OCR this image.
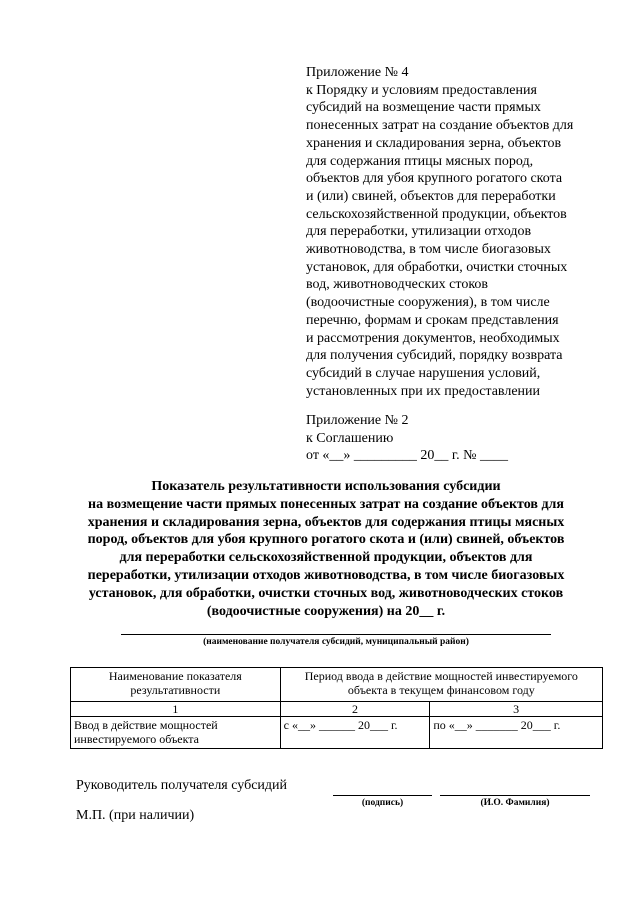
Приложение № 4
к Порядку и условиям предоставления
субсидий на возмещение части прямых
понесенных затрат на создание объектов для
хранения и складирования зерна, объектов
для содержания птицы мясных пород,
объектов для убоя крупного рогатого скота
и (или) свиней, объектов для переработки
сельскохозяйственной продукции, объектов
для переработки, утилизации отходов
животноводства, в том числе биогазовых
установок, для обработки, очистки сточных
вод, животноводческих стоков
(водоочистные сооружения), в том числе
перечню, формам и срокам представления
и рассмотрения документов, необходимых
для получения субсидий, порядку возврата
субсидий в случае нарушения условий,
установленных при их предоставлении
Приложение № 2
к Соглашению
от «__» _________ 20__ г. № ____
Показатель результативности использования субсидии
на возмещение части прямых понесенных затрат на создание объектов для
хранения и складирования зерна, объектов для содержания птицы мясных
пород, объектов для убоя крупного рогатого скота и (или) свиней, объектов
для переработки сельскохозяйственной продукции, объектов для
переработки, утилизации отходов животноводства, в том числе биогазовых
установок, для обработки, очистки сточных вод, животноводческих стоков
(водоочистные сооружения) на 20__ г.
(наименование получателя субсидий, муниципальный район)
Наименование показателя результативности	Период ввода в действие мощностей инвестируемого объекта в текущем финансовом году	
1	2	3
Ввод в действие мощностей инвестируемого объекта	с «__» ______ 20___ г.	по «__» _______ 20___ г.
Руководитель получателя субсидий
(подпись)	(И.О. Фамилия)
М.П. (при наличии)
